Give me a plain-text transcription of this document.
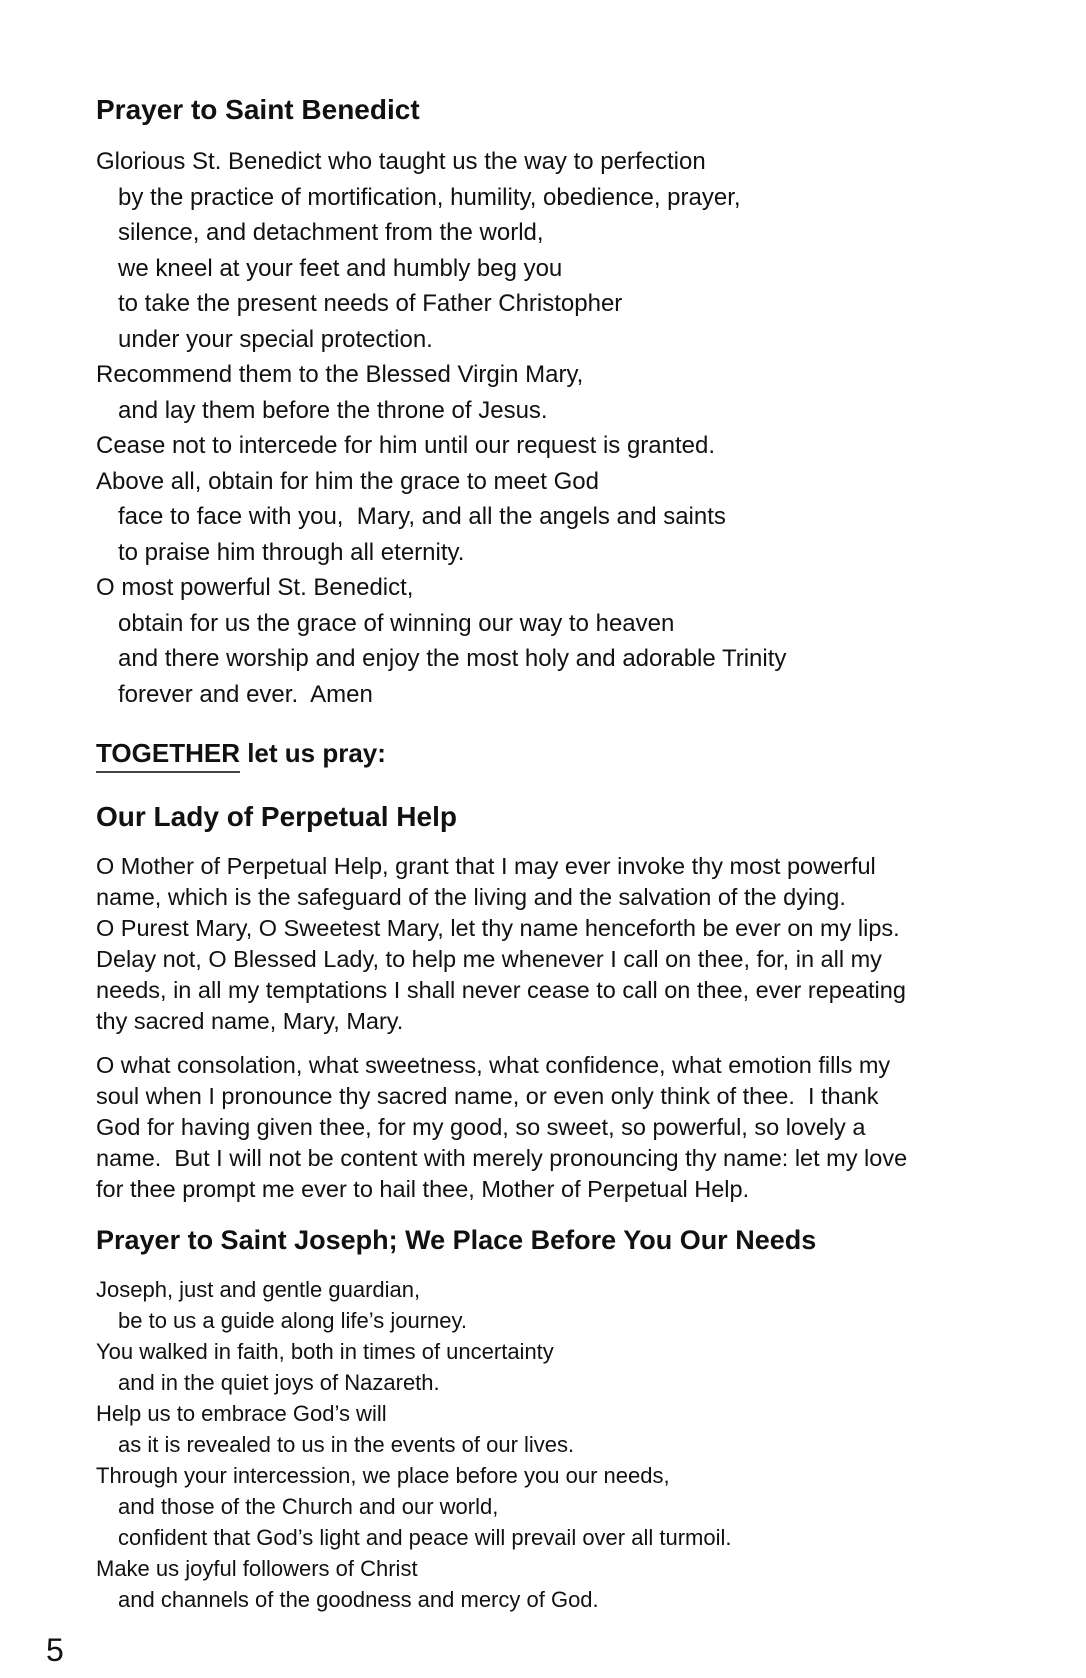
Prayer to Saint Benedict
Glorious St. Benedict who taught us the way to perfection
by the practice of mortification, humility, obedience, prayer,
silence, and detachment from the world,
we kneel at your feet and humbly beg you
to take the present needs of Father Christopher
under your special protection.
Recommend them to the Blessed Virgin Mary,
and lay them before the throne of Jesus.
Cease not to intercede for him until our request is granted.
Above all, obtain for him the grace to meet God
face to face with you,  Mary, and all the angels and saints
to praise him through all eternity.
O most powerful St. Benedict,
obtain for us the grace of winning our way to heaven
and there worship and enjoy the most holy and adorable Trinity
forever and ever.  Amen
TOGETHER let us pray:
Our Lady of Perpetual Help
O Mother of Perpetual Help, grant that I may ever invoke thy most powerful
name, which is the safeguard of the living and the salvation of the dying.
O Purest Mary, O Sweetest Mary, let thy name henceforth be ever on my lips.
Delay not, O Blessed Lady, to help me whenever I call on thee, for, in all my
needs, in all my temptations I shall never cease to call on thee, ever repeating
thy sacred name, Mary, Mary.
O what consolation, what sweetness, what confidence, what emotion fills my
soul when I pronounce thy sacred name, or even only think of thee.  I thank
God for having given thee, for my good, so sweet, so powerful, so lovely a
name.  But I will not be content with merely pronouncing thy name: let my love
for thee prompt me ever to hail thee, Mother of Perpetual Help.
Prayer to Saint Joseph; We Place Before You Our Needs
Joseph, just and gentle guardian,
be to us a guide along life’s journey.
You walked in faith, both in times of uncertainty
and in the quiet joys of Nazareth.
Help us to embrace God’s will
as it is revealed to us in the events of our lives.
Through your intercession, we place before you our needs,
and those of the Church and our world,
confident that God’s light and peace will prevail over all turmoil.
Make us joyful followers of Christ
and channels of the goodness and mercy of God.
5
